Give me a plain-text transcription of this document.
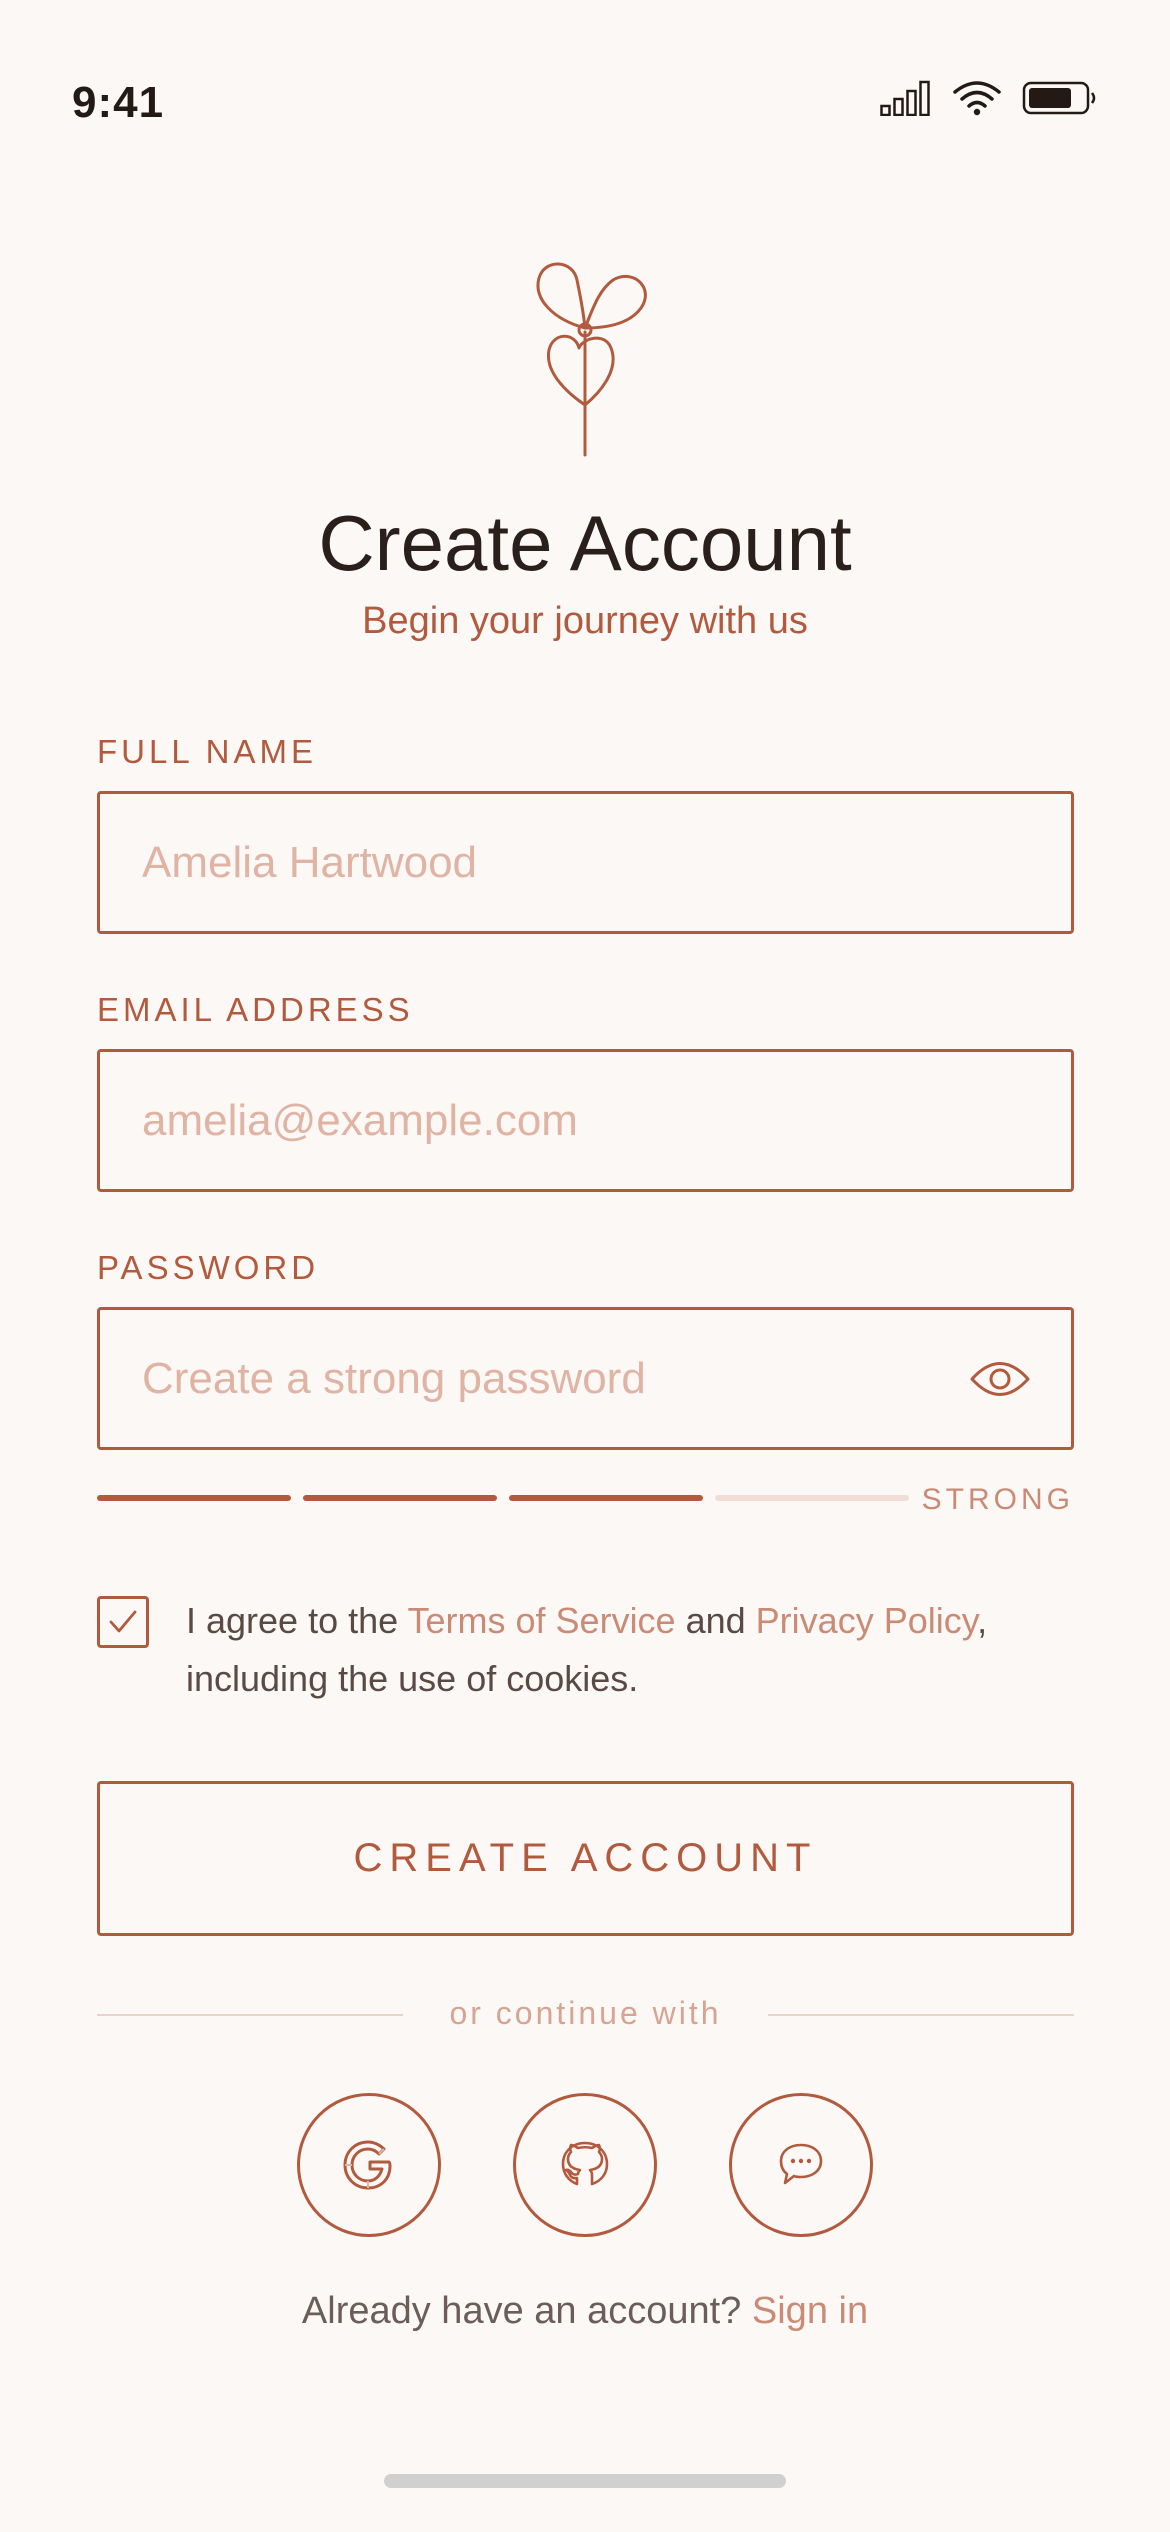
9:41
Create Account
Begin your journey with us
FULL NAME
Amelia Hartwood
EMAIL ADDRESS
amelia@example.com
PASSWORD
Create a strong password
STRONG
I agree to the Terms of Service and Privacy Policy,
including the use of cookies.
CREATE ACCOUNT
or continue with
Already have an account? Sign in
